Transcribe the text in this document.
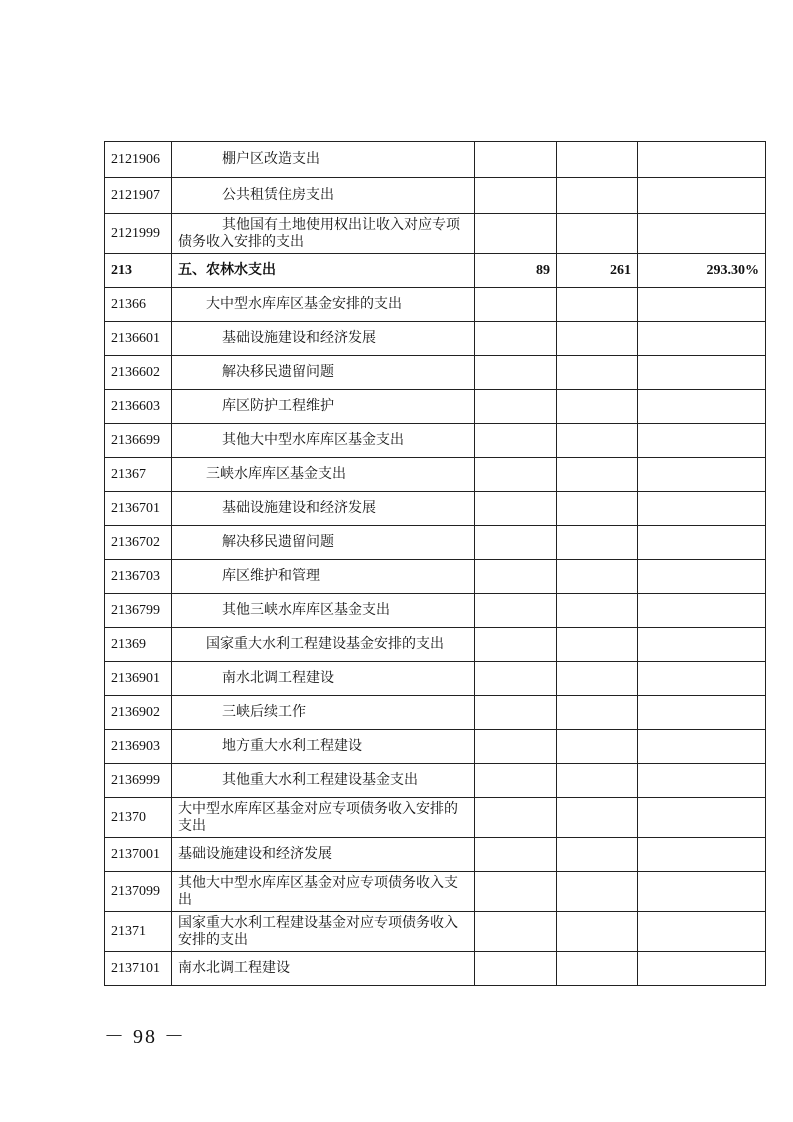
2121906	棚户区改造支出			
2121907	公共租赁住房支出			
2121999	其他国有土地使用权出让收入对应专项债务收入安排的支出			
213	五、农林水支出	89	261	293.30%
21366	大中型水库库区基金安排的支出			
2136601	基础设施建设和经济发展			
2136602	解决移民遗留问题			
2136603	库区防护工程维护			
2136699	其他大中型水库库区基金支出			
21367	三峡水库库区基金支出			
2136701	基础设施建设和经济发展			
2136702	解决移民遗留问题			
2136703	库区维护和管理			
2136799	其他三峡水库库区基金支出			
21369	国家重大水利工程建设基金安排的支出			
2136901	南水北调工程建设			
2136902	三峡后续工作			
2136903	地方重大水利工程建设			
2136999	其他重大水利工程建设基金支出			
21370	大中型水库库区基金对应专项债务收入安排的支出			
2137001	基础设施建设和经济发展			
2137099	其他大中型水库库区基金对应专项债务收入支出			
21371	国家重大水利工程建设基金对应专项债务收入安排的支出			
2137101	南水北调工程建设			
－ 98 －
